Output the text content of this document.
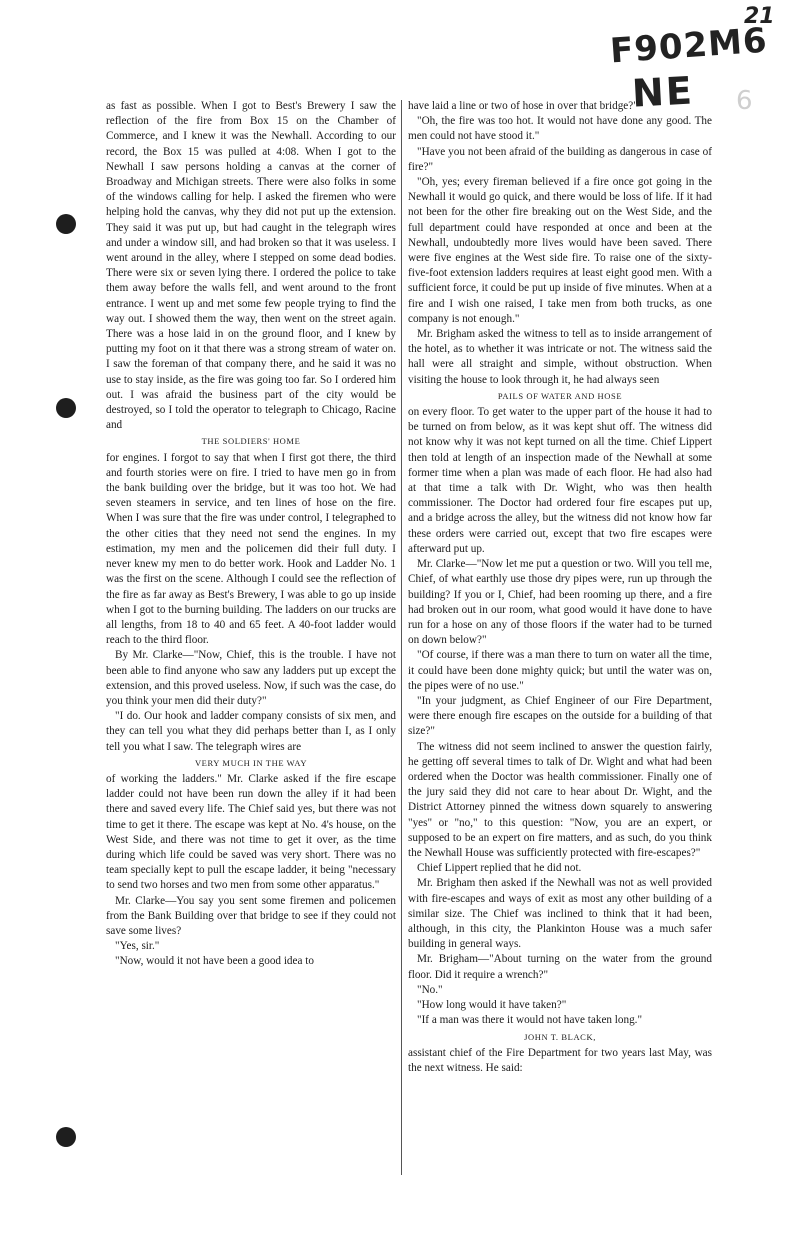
21
F902M6
NE 6

as fast as possible. When I got to Best's Brewery I saw the reflection of the fire from Box 15 on the Chamber of Commerce, and I knew it was the Newhall. According to our record, the Box 15 was pulled at 4:08. When I got to the Newhall I saw persons holding a canvas at the corner of Broadway and Michigan streets. There were also folks in some of the windows calling for help. I asked the firemen who were helping hold the canvas, why they did not put up the extension. They said it was put up, but had caught in the telegraph wires and under a window sill, and had broken so that it was useless. I went around in the alley, where I stepped on some dead bodies. There were six or seven lying there. I ordered the police to take them away before the walls fell, and went around to the front entrance. I went up and met some few people trying to find the way out. I showed them the way, then went on the street again. There was a hose laid in on the ground floor, and I knew by putting my foot on it that there was a strong stream of water on. I saw the foreman of that company there, and he said it was no use to stay inside, as the fire was going too far. So I ordered him out. I was afraid the business part of the city would be destroyed, so I told the operator to telegraph to Chicago, Racine and

THE SOLDIERS' HOME

for engines. I forgot to say that when I first got there, the third and fourth stories were on fire. I tried to have men go in from the bank building over the bridge, but it was too hot. We had seven steamers in service, and ten lines of hose on the fire. When I was sure that the fire was under control, I telegraphed to the other cities that they need not send the engines. In my estimation, my men and the policemen did their full duty. I never knew my men to do better work. Hook and Ladder No. 1 was the first on the scene. Although I could see the reflection of the fire as far away as Best's Brewery, I was able to go up inside when I got to the burning building. The ladders on our trucks are all lengths, from 18 to 40 and 65 feet. A 40-foot ladder would reach to the third floor.

By Mr. Clarke—"Now, Chief, this is the trouble. I have not been able to find anyone who saw any ladders put up except the extension, and this proved useless. Now, if such was the case, do you think your men did their duty?"

"I do. Our hook and ladder company consists of six men, and they can tell you what they did perhaps better than I, as I only tell you what I saw. The telegraph wires are

VERY MUCH IN THE WAY

of working the ladders." Mr. Clarke asked if the fire escape ladder could not have been run down the alley if it had been there and saved every life. The Chief said yes, but there was not time to get it there. The escape was kept at No. 4's house, on the West Side, and there was not time to get it over, as the time during which life could be saved was very short. There was no team specially kept to pull the escape ladder, it being "necessary to send two horses and two men from some other apparatus."

Mr. Clarke—You say you sent some firemen and policemen from the Bank Building over that bridge to see if they could not save some lives?

"Yes, sir."

"Now, would it not have been a good idea to

have laid a line or two of hose in over that bridge?"

"Oh, the fire was too hot. It would not have done any good. The men could not have stood it."

"Have you not been afraid of the building as dangerous in case of fire?"

"Oh, yes; every fireman believed if a fire once got going in the Newhall it would go quick, and there would be loss of life. If it had not been for the other fire breaking out on the West Side, and the full department could have responded at once and been at the Newhall, undoubtedly more lives would have been saved. There were five engines at the West side fire. To raise one of the sixty-five-foot extension ladders requires at least eight good men. With a sufficient force, it could be put up inside of five minutes. When at a fire and I wish one raised, I take men from both trucks, as one company is not enough."

Mr. Brigham asked the witness to tell as to inside arrangement of the hotel, as to whether it was intricate or not. The witness said the hall were all straight and simple, without obstruction. When visiting the house to look through it, he had always seen

PAILS OF WATER AND HOSE

on every floor. To get water to the upper part of the house it had to be turned on from below, as it was kept shut off. The witness did not know why it was not kept turned on all the time. Chief Lippert then told at length of an inspection made of the Newhall at some former time when a plan was made of each floor. He had also had at that time a talk with Dr. Wight, who was then health commissioner. The Doctor had ordered four fire escapes put up, and a bridge across the alley, but the witness did not know how far these orders were carried out, except that two fire escapes were afterward put up.

Mr. Clarke—"Now let me put a question or two. Will you tell me, Chief, of what earthly use those dry pipes were, run up through the building? If you or I, Chief, had been rooming up there, and a fire had broken out in our room, what good would it have done to have run for a hose on any of those floors if the water had to be turned on down below?"

"Of course, if there was a man there to turn on water all the time, it could have been done mighty quick; but until the water was on, the pipes were of no use."

"In your judgment, as Chief Engineer of our Fire Department, were there enough fire escapes on the outside for a building of that size?"

The witness did not seem inclined to answer the question fairly, he getting off several times to talk of Dr. Wight and what had been ordered when the Doctor was health commissioner. Finally one of the jury said they did not care to hear about Dr. Wight, and the District Attorney pinned the witness down squarely to answering "yes" or "no," to this question: "Now, you are an expert, or supposed to be an expert on fire matters, and as such, do you think the Newhall House was sufficiently protected with fire-escapes?"

Chief Lippert replied that he did not.

Mr. Brigham then asked if the Newhall was not as well provided with fire-escapes and ways of exit as most any other building of a similar size. The Chief was inclined to think that it had been, although, in this city, the Plankinton House was a much safer building in general ways.

Mr. Brigham—"About turning on the water from the ground floor. Did it require a wrench?"

"No."

"How long would it have taken?"

"If a man was there it would not have taken long."

JOHN T. BLACK,

assistant chief of the Fire Department for two years last May, was the next witness. He said:
